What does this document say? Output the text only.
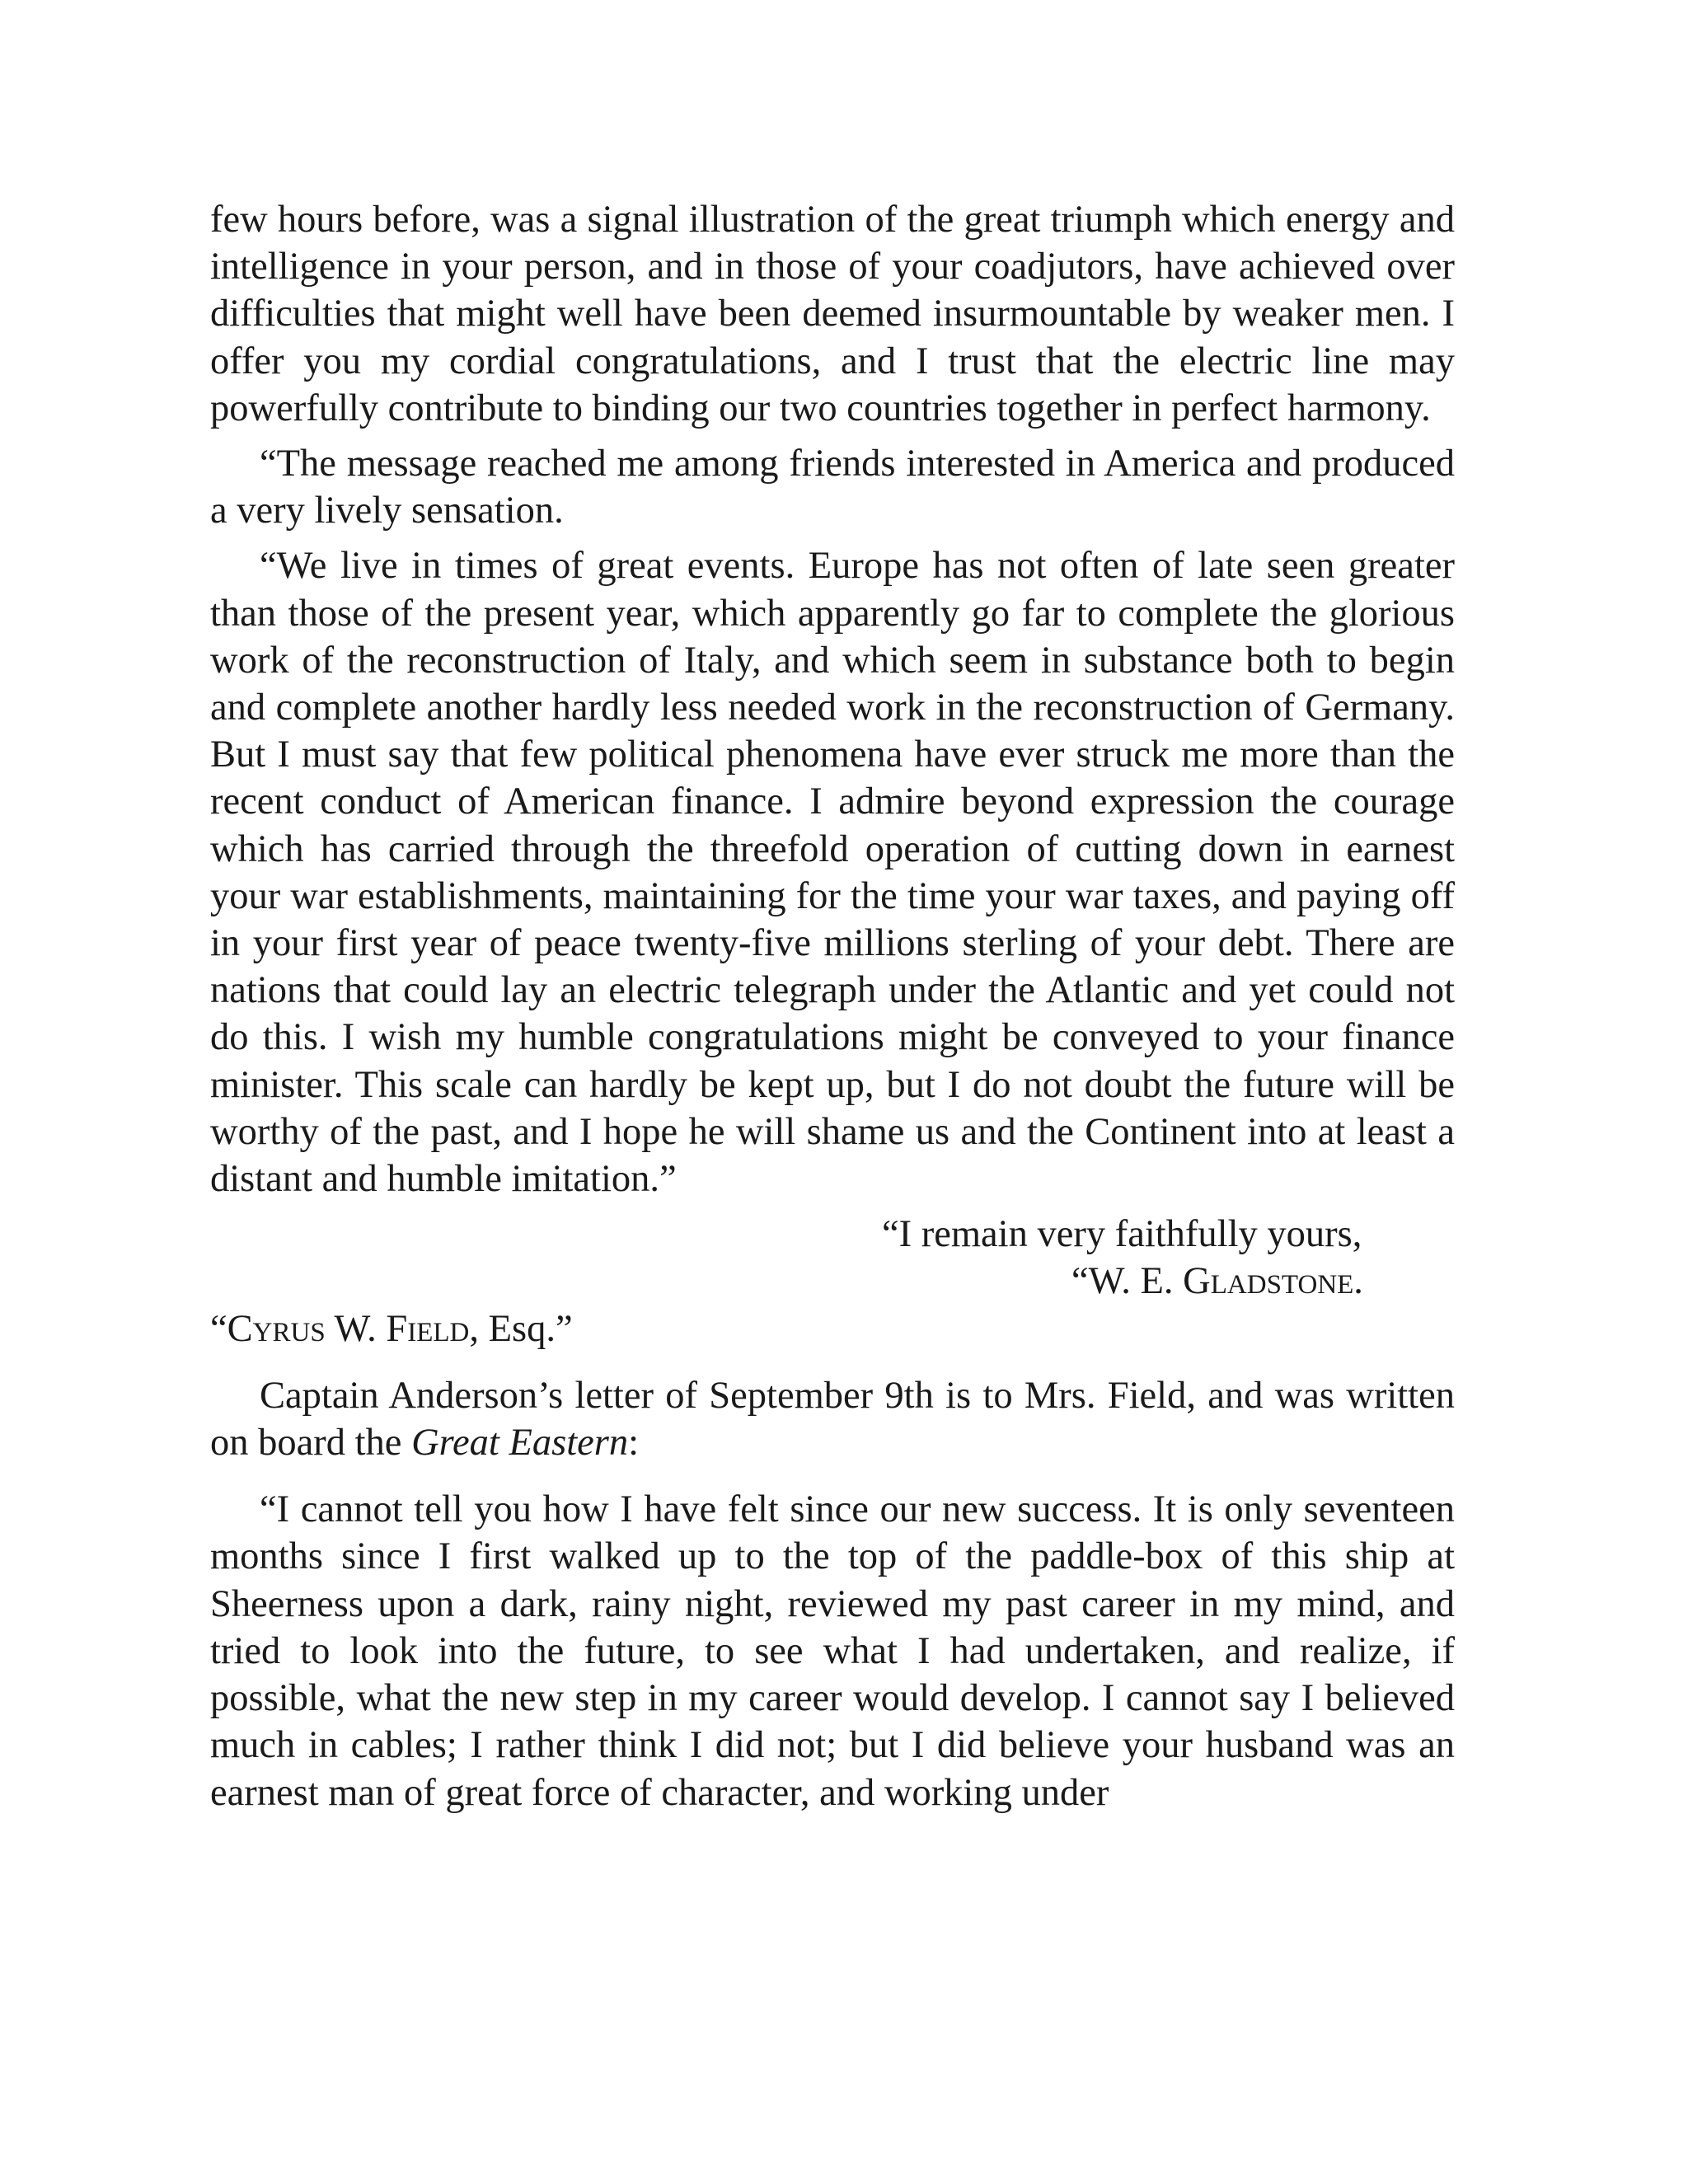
few hours before, was a signal illustration of the great triumph which energy and intelligence in your person, and in those of your coadjutors, have achieved over difficulties that might well have been deemed insurmountable by weaker men. I offer you my cordial congratulations, and I trust that the electric line may powerfully contribute to binding our two countries together in perfect harmony.

“The message reached me among friends interested in America and produced a very lively sensation.

“We live in times of great events. Europe has not often of late seen greater than those of the present year, which apparently go far to complete the glorious work of the reconstruction of Italy, and which seem in substance both to begin and complete another hardly less needed work in the reconstruction of Germany. But I must say that few political phenomena have ever struck me more than the recent conduct of American finance. I admire beyond expression the courage which has carried through the threefold operation of cutting down in earnest your war establishments, maintaining for the time your war taxes, and paying off in your first year of peace twenty-five millions sterling of your debt. There are nations that could lay an electric telegraph under the Atlantic and yet could not do this. I wish my humble congratulations might be conveyed to your finance minister. This scale can hardly be kept up, but I do not doubt the future will be worthy of the past, and I hope he will shame us and the Continent into at least a distant and humble imitation.”

“I remain very faithfully yours,
“W. E. Gladstone.

“Cyrus W. Field, Esq.”

Captain Anderson’s letter of September 9th is to Mrs. Field, and was written on board the Great Eastern:

“I cannot tell you how I have felt since our new success. It is only seventeen months since I first walked up to the top of the paddle-box of this ship at Sheerness upon a dark, rainy night, reviewed my past career in my mind, and tried to look into the future, to see what I had undertaken, and realize, if possible, what the new step in my career would develop. I cannot say I believed much in cables; I rather think I did not; but I did believe your husband was an earnest man of great force of character, and working under
